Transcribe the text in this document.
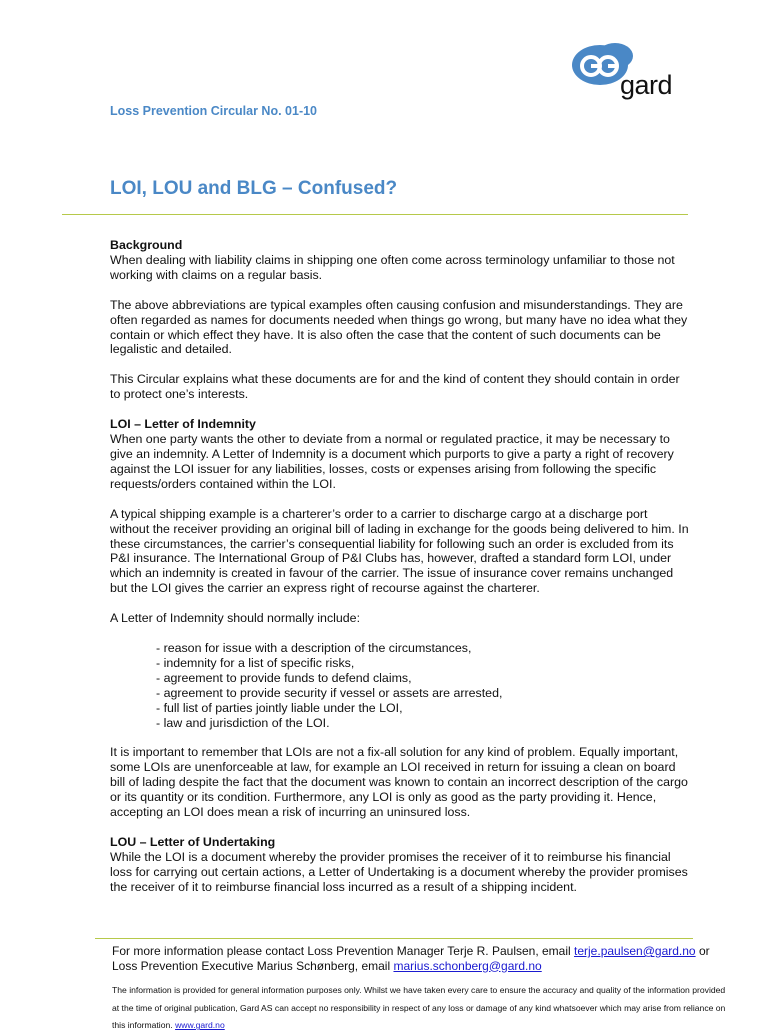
gard
Loss Prevention Circular No. 01-10
LOI, LOU and BLG – Confused?
Background

When dealing with liability claims in shipping one often come across terminology unfamiliar to those not working with claims on a regular basis.

The above abbreviations are typical examples often causing confusion and misunderstandings. They are often regarded as names for documents needed when things go wrong, but many have no idea what they contain or which effect they have. It is also often the case that the content of such documents can be legalistic and detailed.

This Circular explains what these documents are for and the kind of content they should contain in order to protect one’s interests.

LOI – Letter of Indemnity

When one party wants the other to deviate from a normal or regulated practice, it may be necessary to give an indemnity. A Letter of Indemnity is a document which purports to give a party a right of recovery against the LOI issuer for any liabilities, losses, costs or expenses arising from following the specific requests/orders contained within the LOI.

A typical shipping example is a charterer’s order to a carrier to discharge cargo at a discharge port without the receiver providing an original bill of lading in exchange for the goods being delivered to him. In these circumstances, the carrier’s consequential liability for following such an order is excluded from its P&I insurance. The International Group of P&I Clubs has, however, drafted a standard form LOI, under which an indemnity is created in favour of the carrier. The issue of insurance cover remains unchanged but the LOI gives the carrier an express right of recourse against the charterer.

A Letter of Indemnity should normally include:

- reason for issue with a description of the circumstances,
- indemnity for a list of specific risks,
- agreement to provide funds to defend claims,
- agreement to provide security if vessel or assets are arrested,
- full list of parties jointly liable under the LOI,
- law and jurisdiction of the LOI.

It is important to remember that LOIs are not a fix-all solution for any kind of problem. Equally important, some LOIs are unenforceable at law, for example an LOI received in return for issuing a clean on board bill of lading despite the fact that the document was known to contain an incorrect description of the cargo or its quantity or its condition. Furthermore, any LOI is only as good as the party providing it. Hence, accepting an LOI does mean a risk of incurring an uninsured loss.

LOU – Letter of Undertaking

While the LOI is a document whereby the provider promises the receiver of it to reimburse his financial loss for carrying out certain actions, a Letter of Undertaking is a document whereby the provider promises the receiver of it to reimburse financial loss incurred as a result of a shipping incident.

For more information please contact Loss Prevention Manager Terje R. Paulsen, email terje.paulsen@gard.no or Loss Prevention Executive Marius Schønberg, email marius.schonberg@gard.no
The information is provided for general information purposes only. Whilst we have taken every care to ensure the accuracy and quality of the information provided at the time of original publication, Gard AS can accept no responsibility in respect of any loss or damage of any kind whatsoever which may arise from reliance on this information. www.gard.no
